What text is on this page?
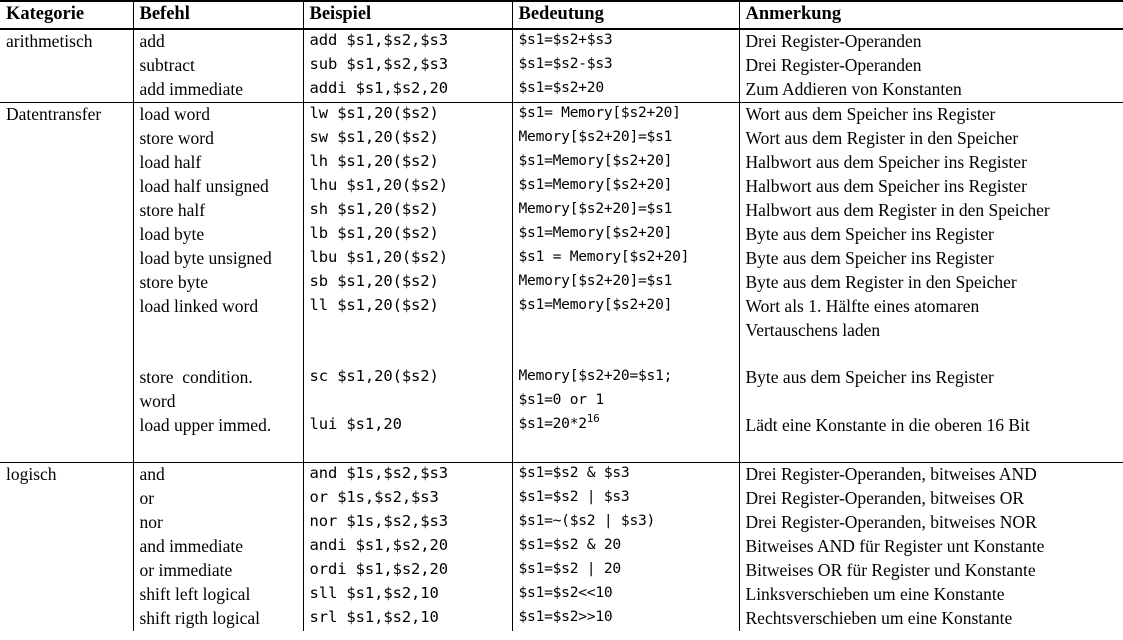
Kategorie	Befehl	Beispiel	Bedeutung	Anmerkung
arithmetisch	add	add $s1,$s2,$s3	$s1=$s2+$s3	Drei Register-Operanden
	subtract	sub $s1,$s2,$s3	$s1=$s2-$s3	Drei Register-Operanden
	add immediate	addi $s1,$s2,20	$s1=$s2+20	Zum Addieren von Konstanten
Datentransfer	load word	lw $s1,20($s2)	$s1= Memory[$s2+20]	Wort aus dem Speicher ins Register
	store word	sw $s1,20($s2)	Memory[$s2+20]=$s1	Wort aus dem Register in den Speicher
	load half	lh $s1,20($s2)	$s1=Memory[$s2+20]	Halbwort aus dem Speicher ins Register
	load half unsigned	lhu $s1,20($s2)	$s1=Memory[$s2+20]	Halbwort aus dem Speicher ins Register
	store half	sh $s1,20($s2)	Memory[$s2+20]=$s1	Halbwort aus dem Register in den Speicher
	load byte	lb $s1,20($s2)	$s1=Memory[$s2+20]	Byte aus dem Speicher ins Register
	load byte unsigned	lbu $s1,20($s2)	$s1 = Memory[$s2+20]	Byte aus dem Speicher ins Register
	store byte	sb $s1,20($s2)	Memory[$s2+20]=$s1	Byte aus dem Register in den Speicher
	load linked word	ll $s1,20($s2)	$s1=Memory[$s2+20]	Wort als 1. Hälfte eines atomaren
Vertauschens laden

	store  condition.	sc $s1,20($s2)	Memory[$s2+20=$s1;	Byte aus dem Speicher ins Register
	word		$s1=0 or 1	
	load upper immed.	lui $s1,20	$\$s1=20*2^{16}$	Lädt eine Konstante in die oberen 16 Bit

logisch	and	and $1s,$s2,$s3	$s1=$s2 & $s3	Drei Register-Operanden, bitweises AND
	or	or $1s,$s2,$s3	$s1=$s2 | $s3	Drei Register-Operanden, bitweises OR
	nor	nor $1s,$s2,$s3	$s1=~($s2 | $s3)	Drei Register-Operanden, bitweises NOR
	and immediate	andi $s1,$s2,20	$s1=$s2 & 20	Bitweises AND für Register unt Konstante
	or immediate	ordi $s1,$s2,20	$s1=$s2 | 20	Bitweises OR für Register und Konstante
	shift left logical	sll $s1,$s2,10	$s1=$s2<<10	Linksverschieben um eine Konstante
	shift rigth logical	srl $s1,$s2,10	$s1=$s2>>10	Rechtsverschieben um eine Konstante
